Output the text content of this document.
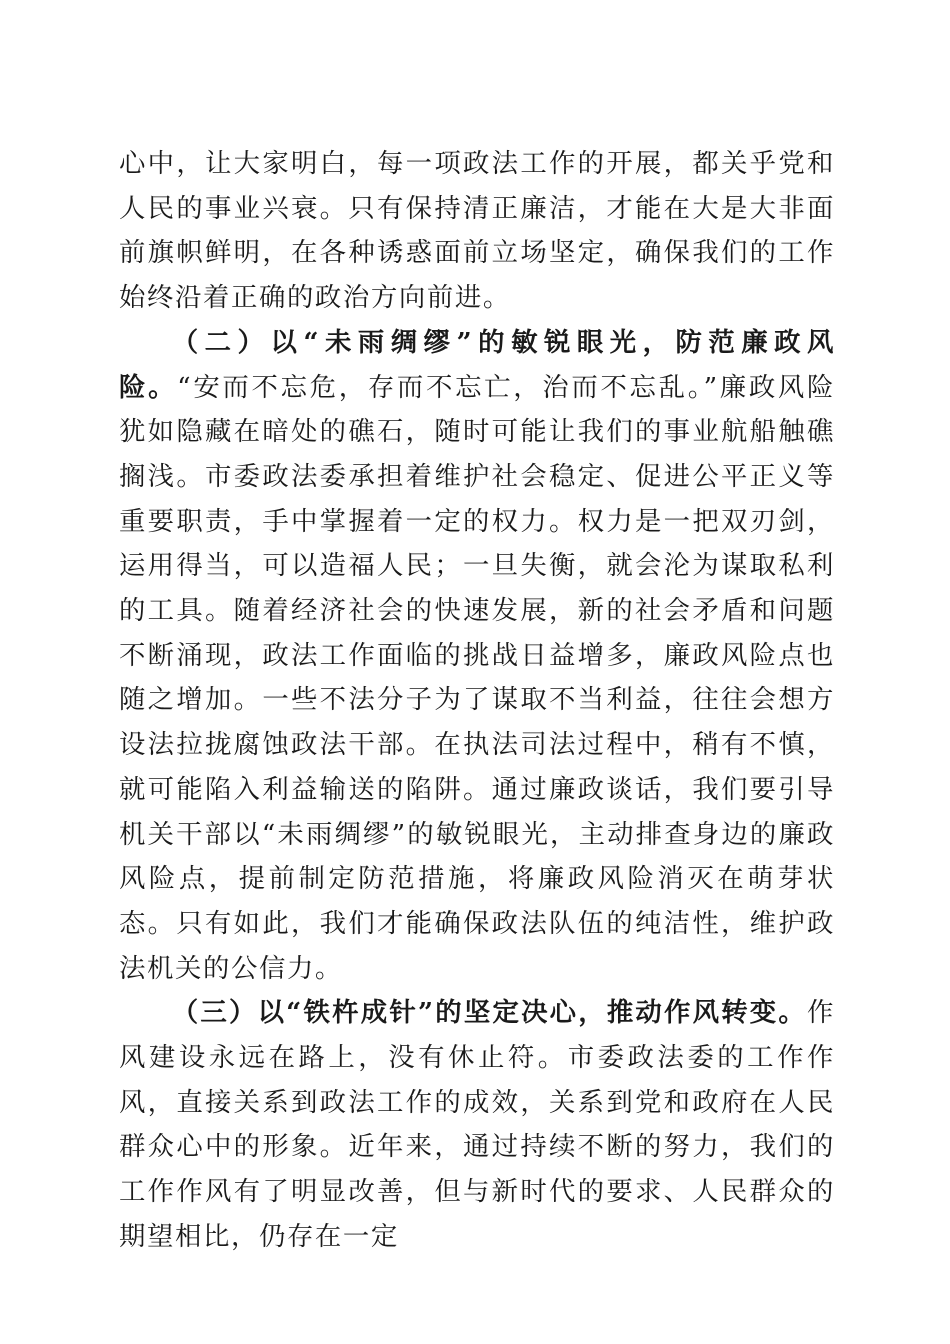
心中，让大家明白，每一项政法工作的开展，都关乎党和人民的事业兴衰。只有保持清正廉洁，才能在大是大非面前旗帜鲜明，在各种诱惑面前立场坚定，确保我们的工作始终沿着正确的政治方向前进。

（二）以“未雨绸缪”的敏锐眼光，防范廉政风险。“安而不忘危，存而不忘亡，治而不忘乱。”廉政风险犹如隐藏在暗处的礁石，随时可能让我们的事业航船触礁搁浅。市委政法委承担着维护社会稳定、促进公平正义等重要职责，手中掌握着一定的权力。权力是一把双刃剑，运用得当，可以造福人民；一旦失衡，就会沦为谋取私利的工具。随着经济社会的快速发展，新的社会矛盾和问题不断涌现，政法工作面临的挑战日益增多，廉政风险点也随之增加。一些不法分子为了谋取不当利益，往往会想方设法拉拢腐蚀政法干部。在执法司法过程中，稍有不慎，就可能陷入利益输送的陷阱。通过廉政谈话，我们要引导机关干部以“未雨绸缪”的敏锐眼光，主动排查身边的廉政风险点，提前制定防范措施，将廉政风险消灭在萌芽状态。只有如此，我们才能确保政法队伍的纯洁性，维护政法机关的公信力。

（三）以“铁杵成针”的坚定决心，推动作风转变。作风建设永远在路上，没有休止符。市委政法委的工作作风，直接关系到政法工作的成效，关系到党和政府在人民群众心中的形象。近年来，通过持续不断的努力，我们的工作作风有了明显改善，但与新时代的要求、人民群众的期望相比，仍存在一定
